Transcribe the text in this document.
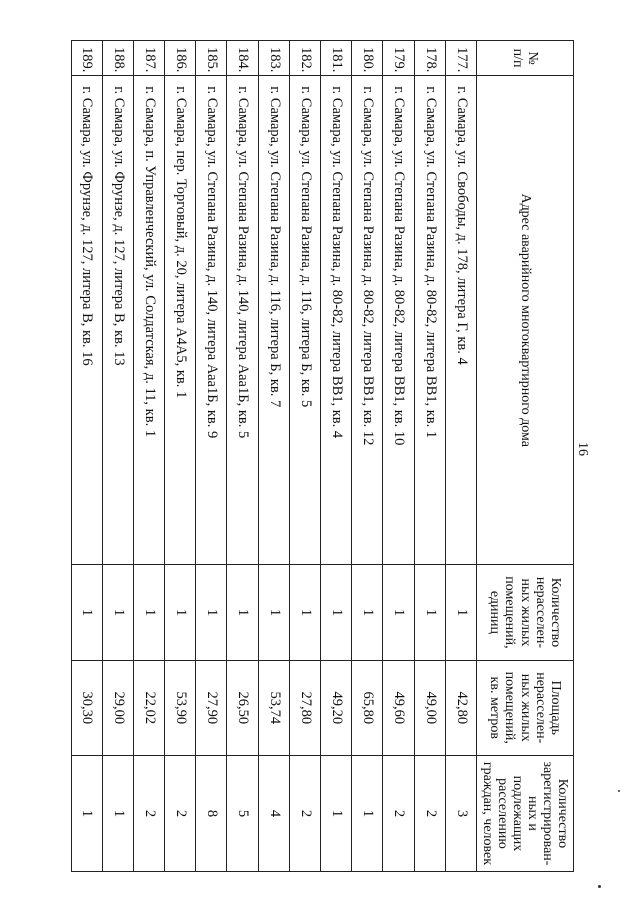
16
№ п/п	Адрес аварийного многоквартирного дома	Количество нерасселен- ных жилых помещений, единиц	Площадь нерасселен- ных жилых помещений, кв. метров	Количество зарегистрирован- ных и подлежащих расселению граждан, человек
177.	г. Самара, ул. Свободы, д. 178, литера Г, кв. 4	1	42,80	3
178.	г. Самара, ул. Степана Разина, д. 80-82, литера ВВ1, кв. 1	1	49,00	2
179.	г. Самара, ул. Степана Разина, д. 80-82, литера ВВ1, кв. 10	1	49,60	2
180.	г. Самара, ул. Степана Разина, д. 80-82, литера ВВ1, кв. 12	1	65,80	1
181.	г. Самара, ул. Степана Разина, д. 80-82, литера ВВ1, кв. 4	1	49,20	1
182.	г. Самара, ул. Степана Разина, д. 116, литера Б, кв. 5	1	27,80	2
183.	г. Самара, ул. Степана Разина, д. 116, литера Б, кв. 7	1	53,74	4
184.	г. Самара, ул. Степана Разина, д. 140, литера Ааа1Б, кв. 5	1	26,50	5
185.	г. Самара, ул. Степана Разина, д. 140, литера Ааа1Б, кв. 9	1	27,90	8
186.	г. Самара, пер. Торговый, д. 20, литера А4А5, кв. 1	1	53,90	2
187.	г. Самара, п. Управленческий, ул. Солдатская, д. 11, кв. 1	1	22,02	2
188.	г. Самара, ул. Фрунзе, д. 127, литера В, кв. 13	1	29,00	1
189.	г. Самара, ул. Фрунзе, д. 127, литера В, кв. 16	1	30,30	1
